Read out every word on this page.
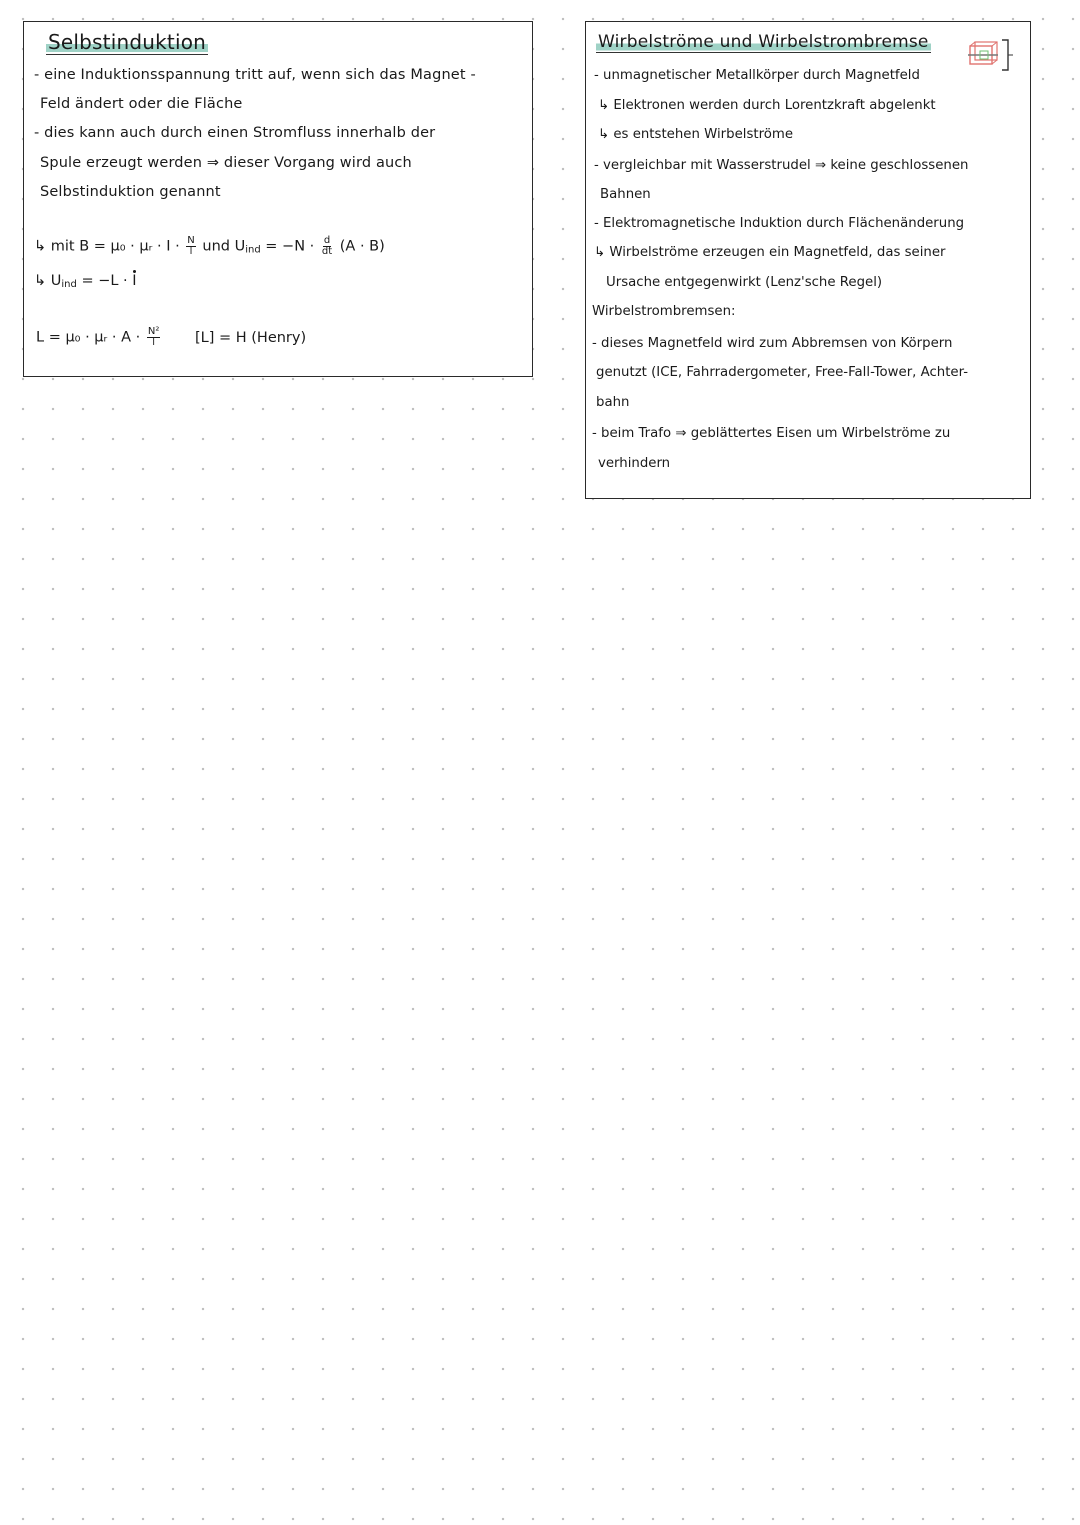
Selbstinduktion
- eine Induktionsspannung tritt auf, wenn sich das Magnet -
Feld ändert oder die Fläche
- dies kann auch durch einen Stromfluss innerhalb der
Spule erzeugt werden ⇒ dieser Vorgang wird auch
Selbstinduktion genannt
↳ mit B = μ₀ · μᵣ · $I \cdot \frac{N}{l}$ und $U_{ind} = -N \cdot \frac{d}{dt} (A \cdot B)$
↳ $U_{ind} = -L \cdot I$
L = μ₀ · μᵣ · $A \cdot \frac{\text{N²}}{l} [L] = H$ (Henry)
Wirbelströme und Wirbelstrombremse
- unmagnetischer Metallkörper durch Magnetfeld
↳ Elektronen werden durch Lorentzkraft abgelenkt
↳ es entstehen Wirbelströme
- vergleichbar mit Wasserstrudel ⇒ keine geschlossenen
Bahnen
- Elektromagnetische Induktion durch Flächenänderung
↳ Wirbelströme erzeugen ein Magnetfeld, das seiner
Ursache entgegenwirkt (Lenz'sche Regel)
Wirbelstrombremsen:
- dieses Magnetfeld wird zum Abbremsen von Körpern
genutzt (ICE, Fahrradergometer, Free-Fall-Tower, Achter-
bahn
- beim Trafo ⇒ geblättertes Eisen um Wirbelströme zu
verhindern
